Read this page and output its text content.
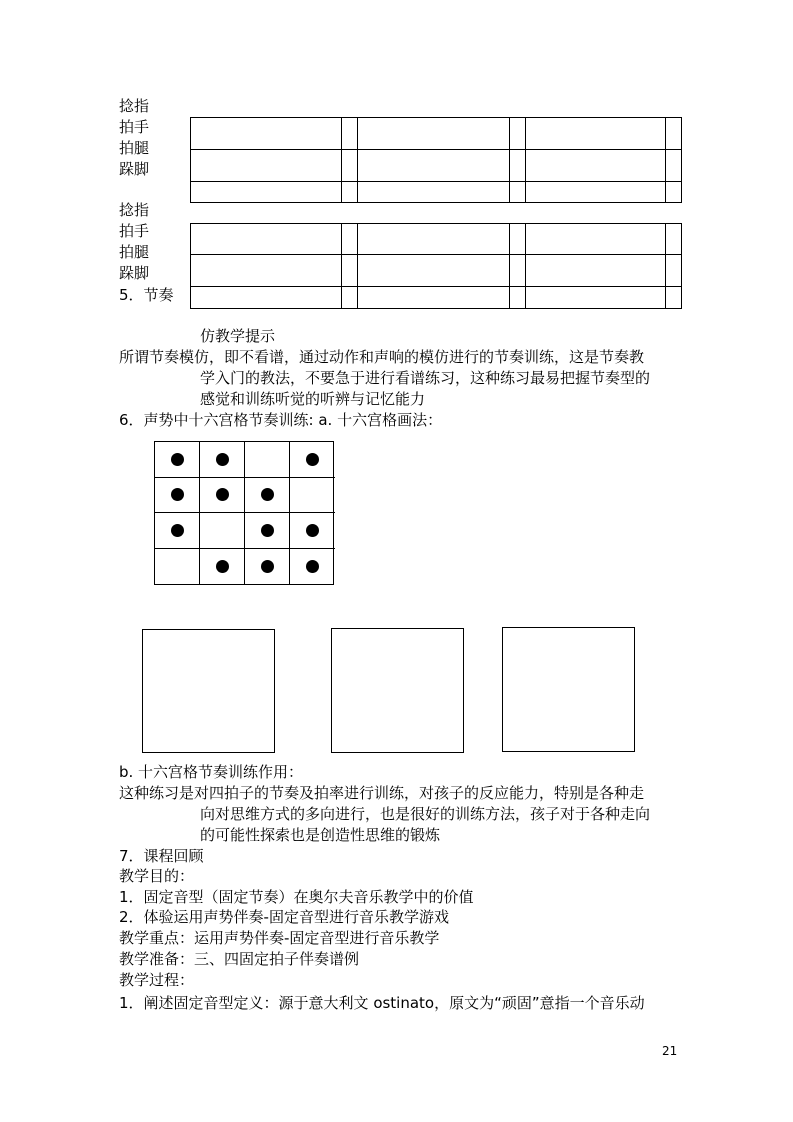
捻指
拍手
拍腿
跺脚
捻指
拍手
拍腿
跺脚
5．节奏
仿教学提示
所谓节奏模仿，即不看谱，通过动作和声响的模仿进行的节奏训练，这是节奏教
学入门的教法，不要急于进行看谱练习，这种练习最易把握节奏型的
感觉和训练听觉的听辨与记忆能力
6．声势中十六宫格节奏训练: a. 十六宫格画法：
b. 十六宫格节奏训练作用：
这种练习是对四拍子的节奏及拍率进行训练，对孩子的反应能力，特别是各种走
向对思维方式的多向进行，也是很好的训练方法，孩子对于各种走向
的可能性探索也是创造性思维的锻炼
7．课程回顾
教学目的：
1．固定音型（固定节奏）在奥尔夫音乐教学中的价值
2．体验运用声势伴奏-固定音型进行音乐教学游戏
教学重点：运用声势伴奏-固定音型进行音乐教学
教学准备：三、四固定拍子伴奏谱例
教学过程：
1．阐述固定音型定义：源于意大利文 ostinato，原文为“顽固”意指一个音乐动
21
